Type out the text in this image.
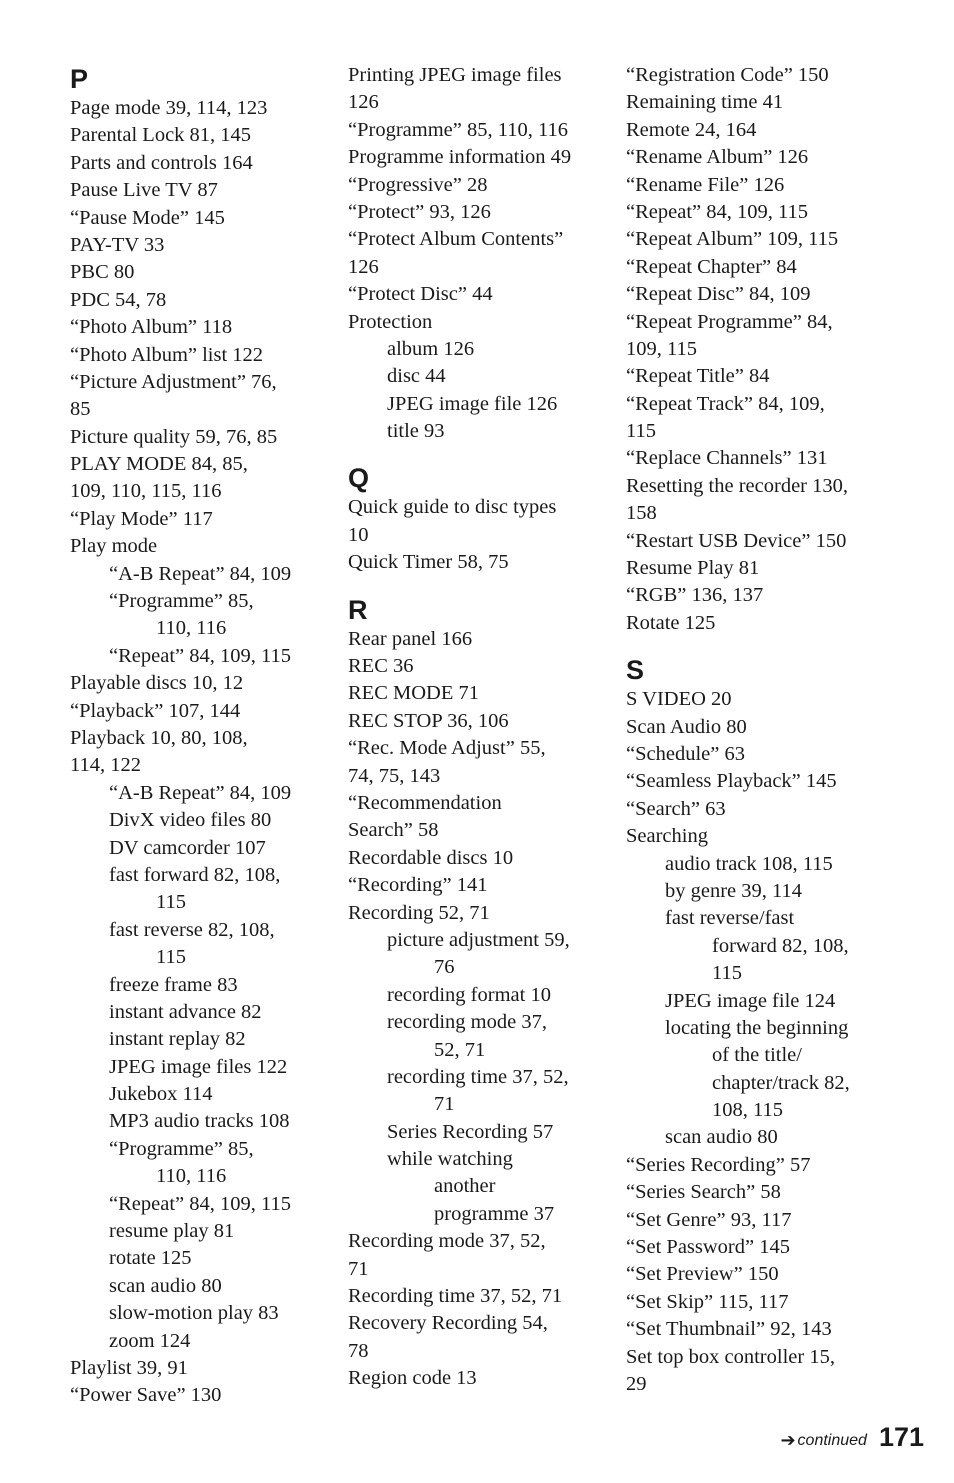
P
Page mode 39, 114, 123
Parental Lock 81, 145
Parts and controls 164
Pause Live TV 87
“Pause Mode” 145
PAY-TV 33
PBC 80
PDC 54, 78
“Photo Album” 118
“Photo Album” list 122
“Picture Adjustment” 76,
85
Picture quality 59, 76, 85
PLAY MODE 84, 85,
109, 110, 115, 116
“Play Mode” 117
Play mode
“A-B Repeat” 84, 109
“Programme” 85,
110, 116
“Repeat” 84, 109, 115
Playable discs 10, 12
“Playback” 107, 144
Playback 10, 80, 108,
114, 122
“A-B Repeat” 84, 109
DivX video files 80
DV camcorder 107
fast forward 82, 108,
115
fast reverse 82, 108,
115
freeze frame 83
instant advance 82
instant replay 82
JPEG image files 122
Jukebox 114
MP3 audio tracks 108
“Programme” 85,
110, 116
“Repeat” 84, 109, 115
resume play 81
rotate 125
scan audio 80
slow-motion play 83
zoom 124
Playlist 39, 91
“Power Save” 130
Printing JPEG image files
126
“Programme” 85, 110, 116
Programme information 49
“Progressive” 28
“Protect” 93, 126
“Protect Album Contents”
126
“Protect Disc” 44
Protection
album 126
disc 44
JPEG image file 126
title 93
Q
Quick guide to disc types
10
Quick Timer 58, 75
R
Rear panel 166
REC 36
REC MODE 71
REC STOP 36, 106
“Rec. Mode Adjust” 55,
74, 75, 143
“Recommendation
Search” 58
Recordable discs 10
“Recording” 141
Recording 52, 71
picture adjustment 59,
76
recording format 10
recording mode 37,
52, 71
recording time 37, 52,
71
Series Recording 57
while watching
another
programme 37
Recording mode 37, 52,
71
Recording time 37, 52, 71
Recovery Recording 54,
78
Region code 13
“Registration Code” 150
Remaining time 41
Remote 24, 164
“Rename Album” 126
“Rename File” 126
“Repeat” 84, 109, 115
“Repeat Album” 109, 115
“Repeat Chapter” 84
“Repeat Disc” 84, 109
“Repeat Programme” 84,
109, 115
“Repeat Title” 84
“Repeat Track” 84, 109,
115
“Replace Channels” 131
Resetting the recorder 130,
158
“Restart USB Device” 150
Resume Play 81
“RGB” 136, 137
Rotate 125
S
S VIDEO 20
Scan Audio 80
“Schedule” 63
“Seamless Playback” 145
“Search” 63
Searching
audio track 108, 115
by genre 39, 114
fast reverse/fast
forward 82, 108,
115
JPEG image file 124
locating the beginning
of the title/
chapter/track 82,
108, 115
scan audio 80
“Series Recording” 57
“Series Search” 58
“Set Genre” 93, 117
“Set Password” 145
“Set Preview” 150
“Set Skip” 115, 117
“Set Thumbnail” 92, 143
Set top box controller 15,
29
➔ continued 171
